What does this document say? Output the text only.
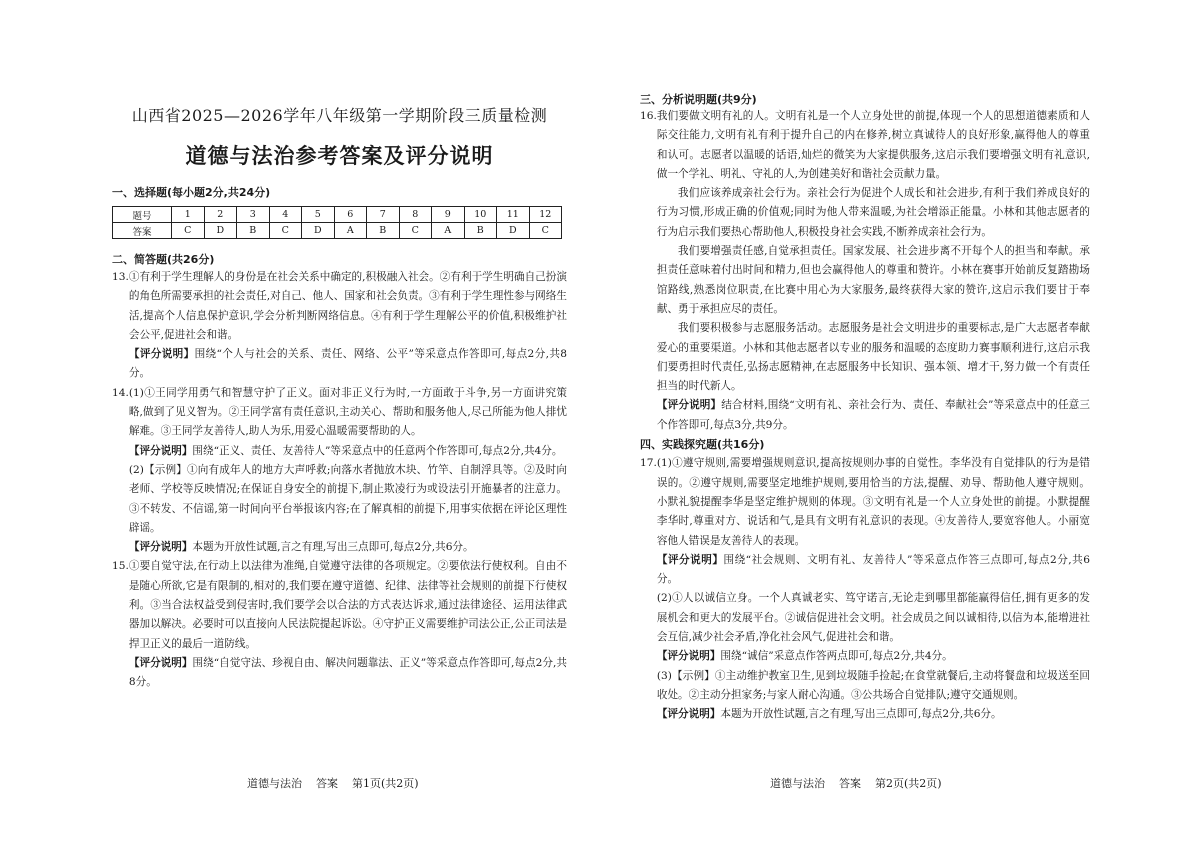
山西省2025—2026学年八年级第一学期阶段三质量检测
道德与法治参考答案及评分说明
一、选择题(每小题2分,共24分)
题号	1	2	3	4	5	6	7	8	9	10	11	12
答案	C	D	B	C	D	A	B	C	A	B	D	C
二、简答题(共26分)
13. ①有利于学生理解人的身份是在社会关系中确定的,积极融入社会。②有利于学生明确自己扮演的角色所需要承担的社会责任,对自己、他人、国家和社会负责。③有利于学生理性参与网络生活,提高个人信息保护意识,学会分析判断网络信息。④有利于学生理解公平的价值,积极维护社会公平,促进社会和谐。

【评分说明】围绕“个人与社会的关系、责任、网络、公平”等采意点作答即可,每点2分,共8分。

14. (1)①王同学用勇气和智慧守护了正义。面对非正义行为时,一方面敢于斗争,另一方面讲究策略,做到了见义智为。②王同学富有责任意识,主动关心、帮助和服务他人,尽己所能为他人排忧解难。③王同学友善待人,助人为乐,用爱心温暖需要帮助的人。

【评分说明】围绕“正义、责任、友善待人”等采意点中的任意两个作答即可,每点2分,共4分。

(2)【示例】①向有成年人的地方大声呼救;向落水者抛放木块、竹竿、自制浮具等。②及时向老师、学校等反映情况;在保证自身安全的前提下,制止欺凌行为或设法引开施暴者的注意力。③不转发、不信谣,第一时间向平台举报该内容;在了解真相的前提下,用事实依据在评论区理性辟谣。

【评分说明】本题为开放性试题,言之有理,写出三点即可,每点2分,共6分。

15. ①要自觉守法,在行动上以法律为准绳,自觉遵守法律的各项规定。②要依法行使权利。自由不是随心所欲,它是有限制的,相对的,我们要在遵守道德、纪律、法律等社会规则的前提下行使权利。③当合法权益受到侵害时,我们要学会以合法的方式表达诉求,通过法律途径、运用法律武器加以解决。必要时可以直接向人民法院提起诉讼。④守护正义需要维护司法公正,公正司法是捍卫正义的最后一道防线。

【评分说明】围绕“自觉守法、珍视自由、解决问题靠法、正义”等采意点作答即可,每点2分,共8分。

道德与法治    答案    第1页(共2页)
三、分析说明题(共9分)
16. 我们要做文明有礼的人。文明有礼是一个人立身处世的前提,体现一个人的思想道德素质和人际交往能力,文明有礼有利于提升自己的内在修养,树立真诚待人的良好形象,赢得他人的尊重和认可。志愿者以温暖的话语,灿烂的微笑为大家提供服务,这启示我们要增强文明有礼意识,做一个学礼、明礼、守礼的人,为创建美好和谐社会贡献力量。

我们应该养成亲社会行为。亲社会行为促进个人成长和社会进步,有利于我们养成良好的行为习惯,形成正确的价值观;同时为他人带来温暖,为社会增添正能量。小林和其他志愿者的行为启示我们要热心帮助他人,积极投身社会实践,不断养成亲社会行为。

我们要增强责任感,自觉承担责任。国家发展、社会进步离不开每个人的担当和奉献。承担责任意味着付出时间和精力,但也会赢得他人的尊重和赞许。小林在赛事开始前反复踏勘场馆路线,熟悉岗位职责,在比赛中用心为大家服务,最终获得大家的赞许,这启示我们要甘于奉献、勇于承担应尽的责任。

我们要积极参与志愿服务活动。志愿服务是社会文明进步的重要标志,是广大志愿者奉献爱心的重要渠道。小林和其他志愿者以专业的服务和温暖的态度助力赛事顺利进行,这启示我们要勇担时代责任,弘扬志愿精神,在志愿服务中长知识、强本领、增才干,努力做一个有责任担当的时代新人。

【评分说明】结合材料,围绕“文明有礼、亲社会行为、责任、奉献社会”等采意点中的任意三个作答即可,每点3分,共9分。

四、实践探究题(共16分)
17. (1)①遵守规则,需要增强规则意识,提高按规则办事的自觉性。李华没有自觉排队的行为是错误的。②遵守规则,需要坚定地维护规则,要用恰当的方法,提醒、劝导、帮助他人遵守规则。小默礼貌提醒李华是坚定维护规则的体现。③文明有礼是一个人立身处世的前提。小默提醒李华时,尊重对方、说话和气,是具有文明有礼意识的表现。④友善待人,要宽容他人。小丽宽容他人错误是友善待人的表现。

【评分说明】围绕“社会规则、文明有礼、友善待人”等采意点作答三点即可,每点2分,共6分。

(2)①人以诚信立身。一个人真诚老实、笃守诺言,无论走到哪里都能赢得信任,拥有更多的发展机会和更大的发展平台。②诚信促进社会文明。社会成员之间以诚相待,以信为本,能增进社会互信,减少社会矛盾,净化社会风气,促进社会和谐。

【评分说明】围绕“诚信”采意点作答两点即可,每点2分,共4分。

(3)【示例】①主动维护教室卫生,见到垃圾随手捡起;在食堂就餐后,主动将餐盘和垃圾送至回收处。②主动分担家务;与家人耐心沟通。③公共场合自觉排队;遵守交通规则。

【评分说明】本题为开放性试题,言之有理,写出三点即可,每点2分,共6分。

道德与法治    答案    第2页(共2页)
